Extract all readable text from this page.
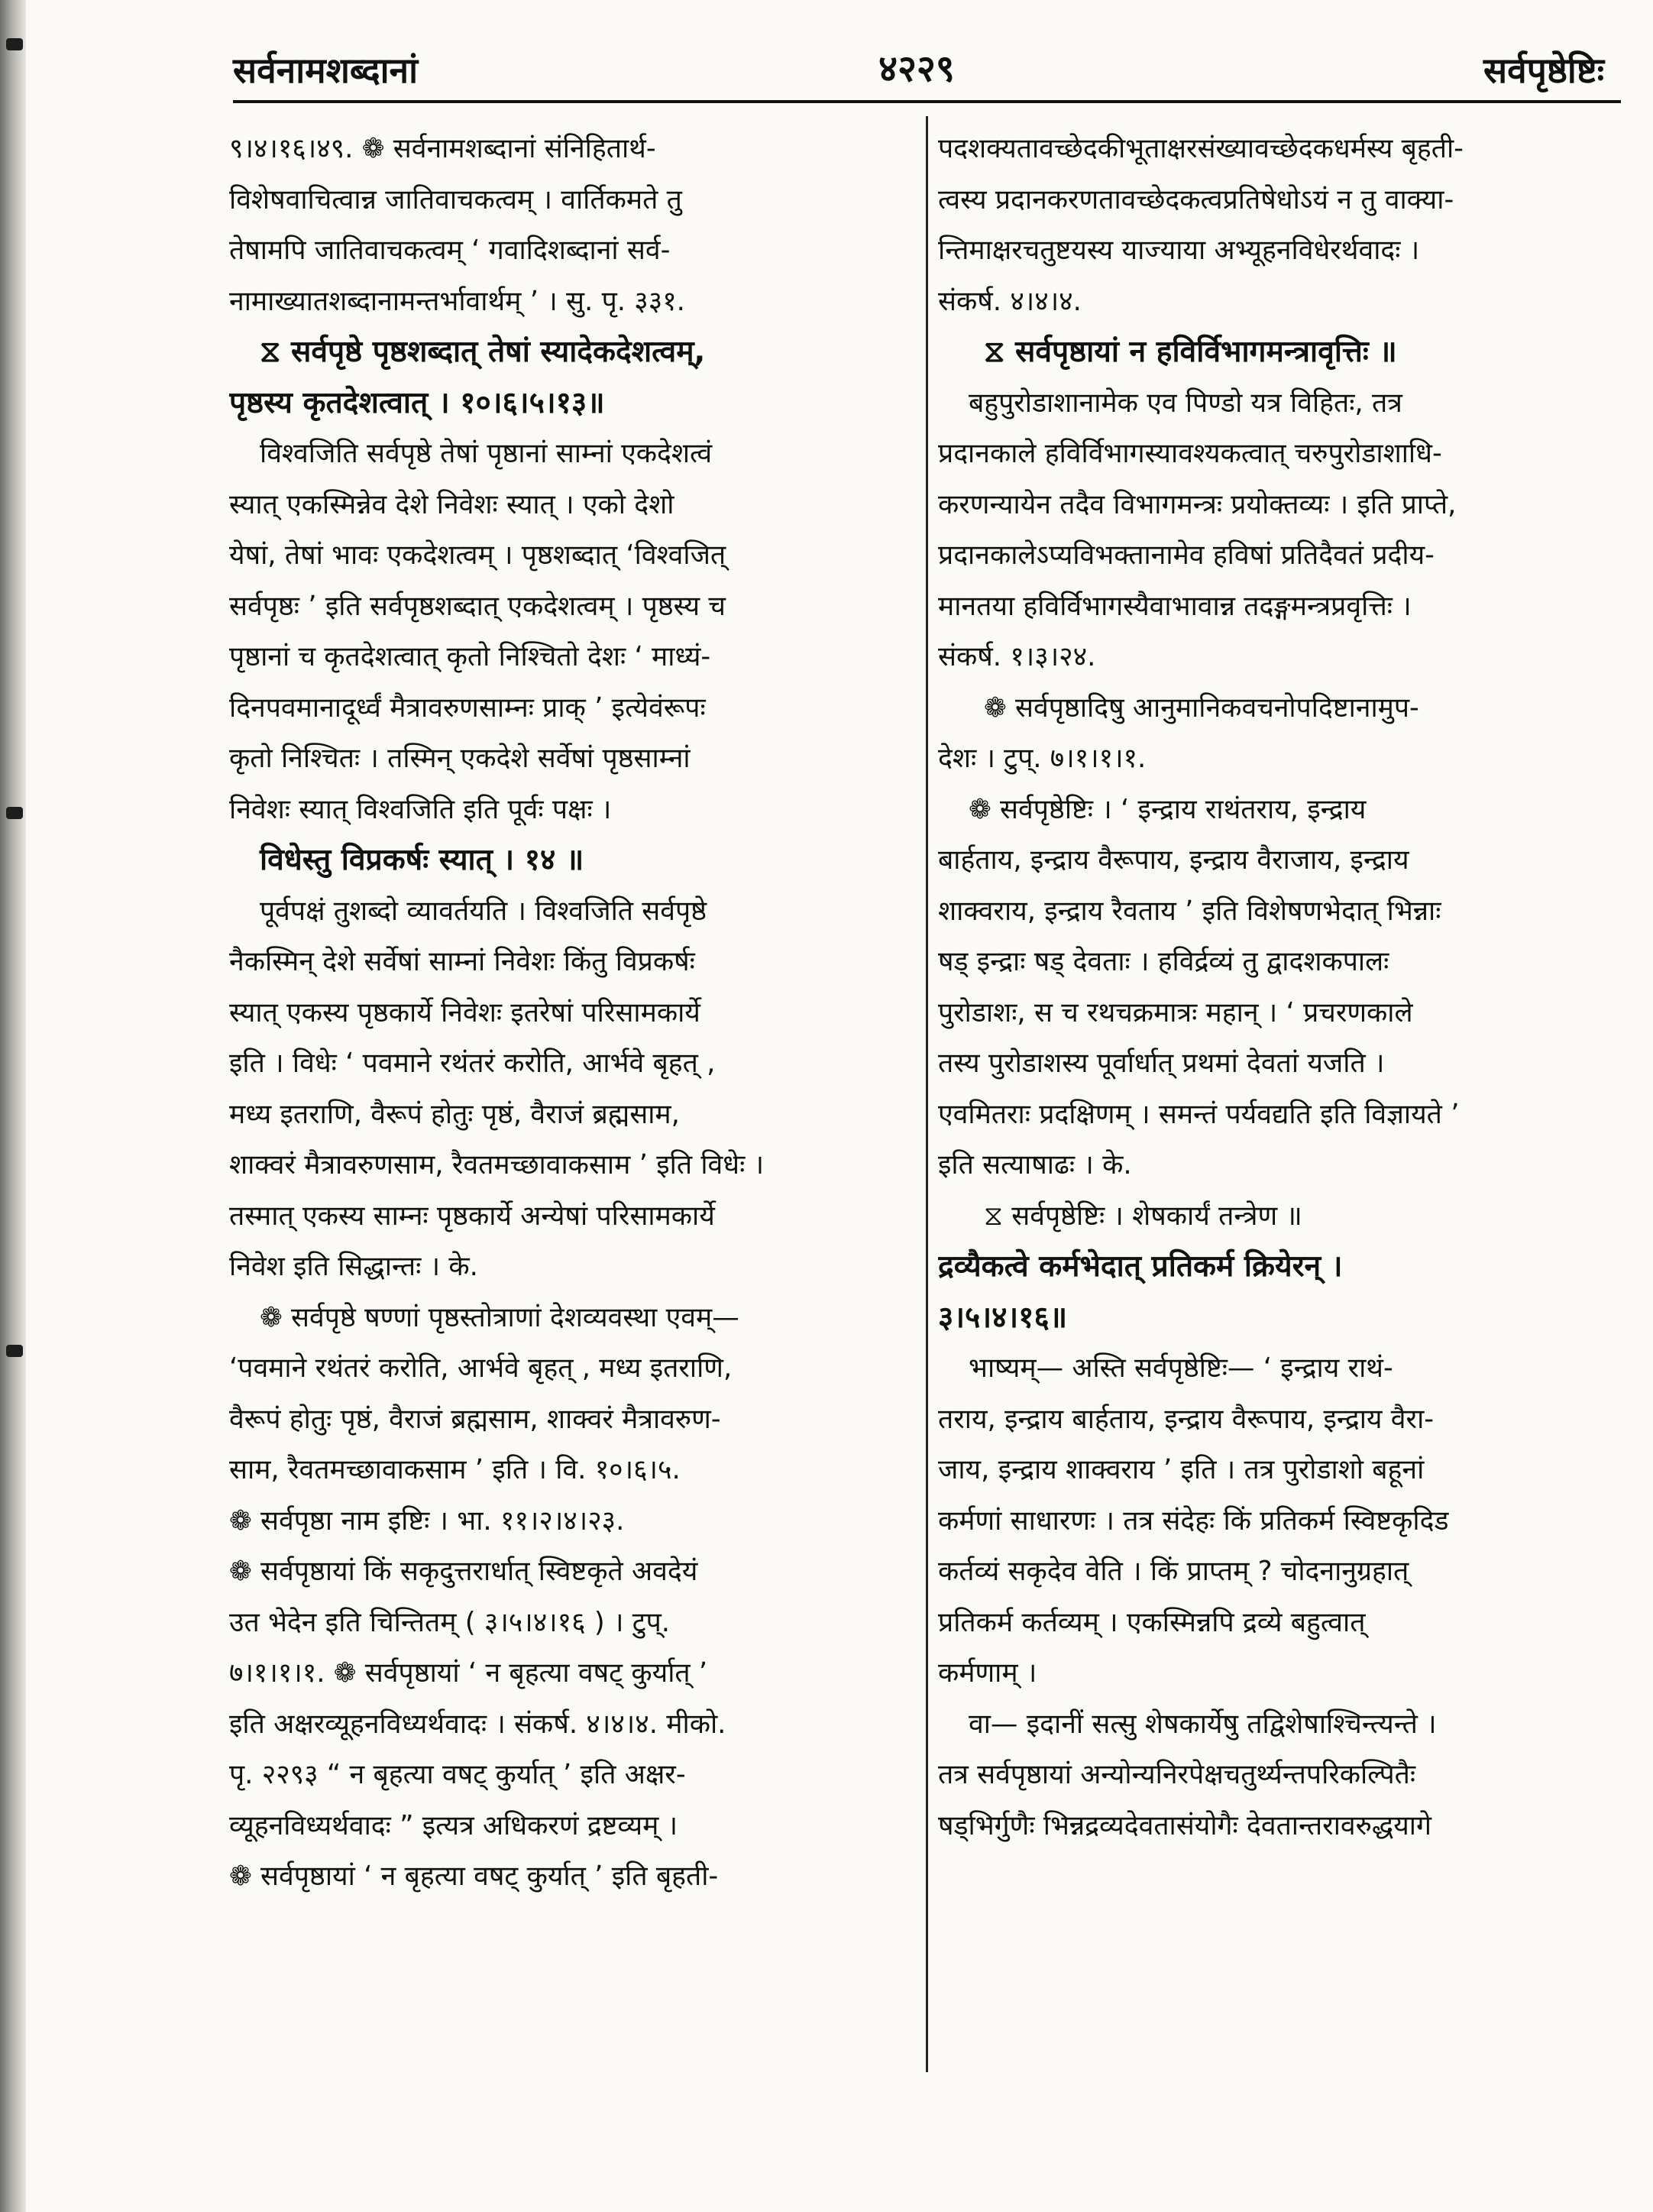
सर्वनामशब्दानां	४२२९	सर्वपृष्ठेष्टिः
९।४।१६।४९. ❁ सर्वनामशब्दानां संनिहितार्थ-
विशेषवाचित्वान्न जातिवाचकत्वम् । वार्तिकमते तु
तेषामपि जातिवाचकत्वम् ‘ गवादिशब्दानां सर्व-
नामाख्यातशब्दानामन्तर्भावार्थम् ’ । सु. पृ. ३३१.
⧖ सर्वपृष्ठे पृष्ठशब्दात् तेषां स्यादेकदेशत्वम्,
पृष्ठस्य कृतदेशत्वात् । १०।६।५।१३॥
विश्वजिति सर्वपृष्ठे तेषां पृष्ठानां साम्नां एकदेशत्वं
स्यात् एकस्मिन्नेव देशे निवेशः स्यात् । एको देशो
येषां, तेषां भावः एकदेशत्वम् । पृष्ठशब्दात् ‘विश्वजित्
सर्वपृष्ठः ’ इति सर्वपृष्ठशब्दात् एकदेशत्वम् । पृष्ठस्य च
पृष्ठानां च कृतदेशत्वात् कृतो निश्चितो देशः ‘ माध्यं-
दिनपवमानादूर्ध्वं मैत्रावरुणसाम्नः प्राक् ’ इत्येवंरूपः
कृतो निश्चितः । तस्मिन् एकदेशे सर्वेषां पृष्ठसाम्नां
निवेशः स्यात् विश्वजिति इति पूर्वः पक्षः ।
विधेस्तु विप्रकर्षः स्यात् । १४ ॥
पूर्वपक्षं तुशब्दो व्यावर्तयति । विश्वजिति सर्वपृष्ठे
नैकस्मिन् देशे सर्वेषां साम्नां निवेशः किंतु विप्रकर्षः
स्यात् एकस्य पृष्ठकार्ये निवेशः इतरेषां परिसामकार्ये
इति । विधेः ‘ पवमाने रथंतरं करोति, आर्भवे बृहत् ,
मध्य इतराणि, वैरूपं होतुः पृष्ठं, वैराजं ब्रह्मसाम,
शाक्वरं मैत्रावरुणसाम, रैवतमच्छावाकसाम ’ इति विधेः ।
तस्मात् एकस्य साम्नः पृष्ठकार्ये अन्येषां परिसामकार्ये
निवेश इति सिद्धान्तः । के.
❁ सर्वपृष्ठे षण्णां पृष्ठस्तोत्राणां देशव्यवस्था एवम्—
‘पवमाने रथंतरं करोति, आर्भवे बृहत् , मध्य इतराणि,
वैरूपं होतुः पृष्ठं, वैराजं ब्रह्मसाम, शाक्वरं मैत्रावरुण-
साम, रैवतमच्छावाकसाम ’ इति । वि. १०।६।५.
❁ सर्वपृष्ठा नाम इष्टिः । भा. ११।२।४।२३.
❁ सर्वपृष्ठायां किं सकृदुत्तरार्धात् स्विष्टकृते अवदेयं
उत भेदेन इति चिन्तितम् ( ३।५।४।१६ ) । टुप्.
७।१।१।१. ❁ सर्वपृष्ठायां ‘ न बृहत्या वषट् कुर्यात् ’
इति अक्षरव्यूहनविध्यर्थवादः । संकर्ष. ४।४।४. मीको.
पृ. २२९३ “ न बृहत्या वषट् कुर्यात् ’ इति अक्षर-
व्यूहनविध्यर्थवादः ” इत्यत्र अधिकरणं द्रष्टव्यम् ।
❁ सर्वपृष्ठायां ‘ न बृहत्या वषट् कुर्यात् ’ इति बृहती-
पदशक्यतावच्छेदकीभूताक्षरसंख्यावच्छेदकधर्मस्य बृहती-
त्वस्य प्रदानकरणतावच्छेदकत्वप्रतिषेधोऽयं न तु वाक्या-
न्तिमाक्षरचतुष्टयस्य याज्याया अभ्यूहनविधेरर्थवादः ।
संकर्ष. ४।४।४.
⧖ सर्वपृष्ठायां न हविर्विभागमन्त्रावृत्तिः ॥
बहुपुरोडाशानामेक एव पिण्डो यत्र विहितः, तत्र
प्रदानकाले हविर्विभागस्यावश्यकत्वात् चरुपुरोडाशाधि-
करणन्यायेन तदैव विभागमन्त्रः प्रयोक्तव्यः । इति प्राप्ते,
प्रदानकालेऽप्यविभक्तानामेव हविषां प्रतिदैवतं प्रदीय-
मानतया हविर्विभागस्यैवाभावान्न तदङ्गमन्त्रप्रवृत्तिः ।
संकर्ष. १।३।२४.
❁ सर्वपृष्ठादिषु आनुमानिकवचनोपदिष्टानामुप-
देशः । टुप्. ७।१।१।१.
❁ सर्वपृष्ठेष्टिः । ‘ इन्द्राय राथंतराय, इन्द्राय
बार्हताय, इन्द्राय वैरूपाय, इन्द्राय वैराजाय, इन्द्राय
शाक्वराय, इन्द्राय रैवताय ’ इति विशेषणभेदात् भिन्नाः
षड् इन्द्राः षड् देवताः । हविर्द्रव्यं तु द्वादशकपालः
पुरोडाशः, स च रथचक्रमात्रः महान् । ‘ प्रचरणकाले
तस्य पुरोडाशस्य पूर्वार्धात् प्रथमां देवतां यजति ।
एवमितराः प्रदक्षिणम् । समन्तं पर्यवद्यति इति विज्ञायते ’
इति सत्याषाढः । के.
⧖ सर्वपृष्ठेष्टिः । शेषकार्यं तन्त्रेण ॥
द्रव्यैकत्वे कर्मभेदात् प्रतिकर्म क्रियेरन् ।
३।५।४।१६॥
भाष्यम्— अस्ति सर्वपृष्ठेष्टिः— ‘ इन्द्राय राथं-
तराय, इन्द्राय बार्हताय, इन्द्राय वैरूपाय, इन्द्राय वैरा-
जाय, इन्द्राय शाक्वराय ’ इति । तत्र पुरोडाशो बहूनां
कर्मणां साधारणः । तत्र संदेहः किं प्रतिकर्म स्विष्टकृदिड
कर्तव्यं सकृदेव वेति । किं प्राप्तम् ? चोदनानुग्रहात्
प्रतिकर्म कर्तव्यम् । एकस्मिन्नपि द्रव्ये बहुत्वात्
कर्मणाम् ।
वा— इदानीं सत्सु शेषकार्येषु तद्विशेषाश्चिन्त्यन्ते ।
तत्र सर्वपृष्ठायां अन्योन्यनिरपेक्षचतुर्थ्यन्तपरिकल्पितैः
षड्भिर्गुणैः भिन्नद्रव्यदेवतासंयोगैः देवतान्तरावरुद्धयागे
